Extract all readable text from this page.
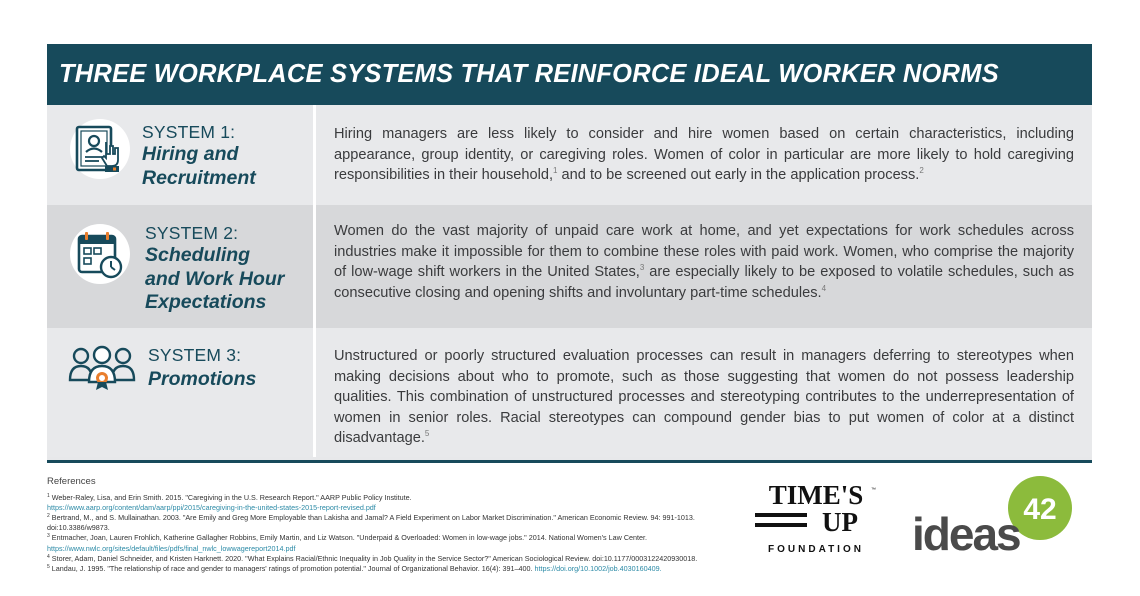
THREE WORKPLACE SYSTEMS THAT REINFORCE IDEAL WORKER NORMS
SYSTEM 1:
Hiring and
Recruitment

Hiring managers are less likely to consider and hire women based on certain characteristics, including appearance, group identity, or caregiving roles. Women of color in particular are more likely to hold caregiving responsibilities in their household,$^1$ and to be screened out early in the application process.$^2$

SYSTEM 2:
Scheduling
and Work Hour
Expectations

Women do the vast majority of unpaid care work at home, and yet expectations for work schedules across industries make it impossible for them to combine these roles with paid work. Women, who comprise the majority of low-wage shift workers in the United States,$^3$ are especially likely to be exposed to volatile schedules, such as consecutive closing and opening shifts and involuntary part-time schedules.$^4$

SYSTEM 3:
Promotions

Unstructured or poorly structured evaluation processes can result in managers deferring to stereotypes when making decisions about who to promote, such as those suggesting that women do not possess leadership qualities. This combination of unstructured processes and stereotyping contributes to the underrepresentation of women in senior roles. Racial stereotypes can compound gender bias to put women of color at a distinct disadvantage.$^5$

References
$^1$ Weber-Raley, Lisa, and Erin Smith. 2015. "Caregiving in the U.S. Research Report." AARP Public Policy Institute.
https://www.aarp.org/content/dam/aarp/ppi/2015/caregiving-in-the-united-states-2015-report-revised.pdf
$^2$ Bertrand, M., and S. Mullainathan. 2003. "Are Emily and Greg More Employable than Lakisha and Jamal? A Field Experiment on Labor Market Discrimination." American Economic Review. 94: 991-1013. doi:10.3386/w9873.
$^3$ Entmacher, Joan, Lauren Frohlich, Katherine Gallagher Robbins, Emily Martin, and Liz Watson. "Underpaid & Overloaded: Women in low-wage jobs." 2014. National Women's Law Center.
https://www.nwlc.org/sites/default/files/pdfs/final_nwlc_lowwagereport2014.pdf
$^4$ Storer, Adam, Daniel Schneider, and Kristen Harknett. 2020. "What Explains Racial/Ethnic Inequality in Job Quality in the Service Sector?" American Sociological Review. doi:10.1177/0003122420930018.
$^5$ Landau, J. 1995. "The relationship of race and gender to managers' ratings of promotion potential." Journal of Organizational Behavior. 16(4): 391–400. https://doi.org/10.1002/job.4030160409.
TIME'S ™
UP
FOUNDATION
42
ideas
